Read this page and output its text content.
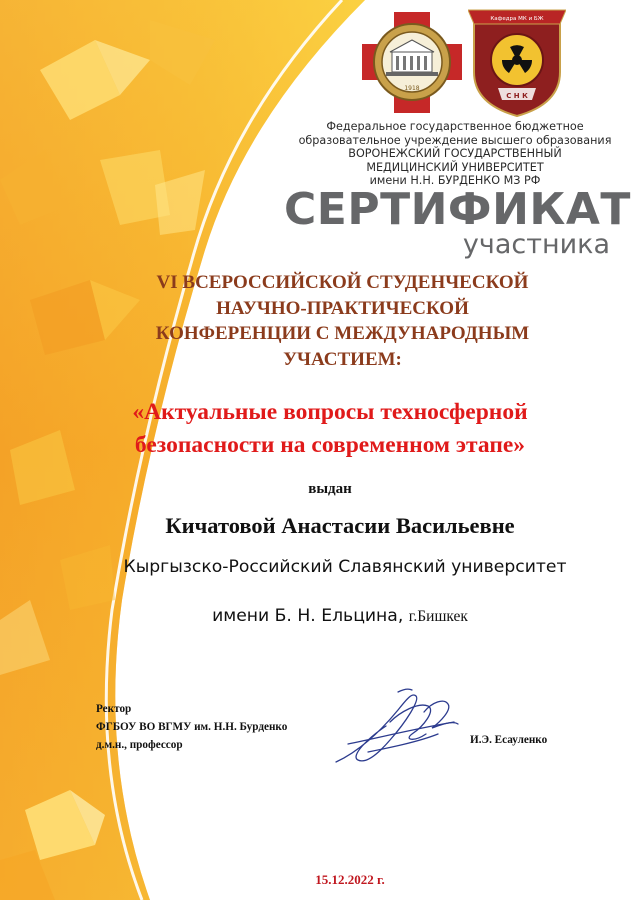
1918
Кафедра МК и БЖ
С Н К
Федеральное государственное бюджетное
образовательное учреждение высшего образования
ВОРОНЕЖСКИЙ ГОСУДАРСТВЕННЫЙ
МЕДИЦИНСКИЙ УНИВЕРСИТЕТ
имени Н.Н. БУРДЕНКО МЗ РФ
СЕРТИФИКАТ
участника
VI ВСЕРОССИЙСКОЙ СТУДЕНЧЕСКОЙ
НАУЧНО-ПРАКТИЧЕСКОЙ
КОНФЕРЕНЦИИ С МЕЖДУНАРОДНЫМ
УЧАСТИЕМ:
«Актуальные вопросы техносферной
безопасности на современном этапе»
выдан
Кичатовой Анастасии Васильевне
Кыргызско-Российский Славянский университет
имени Б. Н. Ельцина, г.Бишкек
Ректор
ФГБОУ ВО ВГМУ им. Н.Н. Бурденко
д.м.н., профессор	И.Э. Есауленко
15.12.2022 г.
